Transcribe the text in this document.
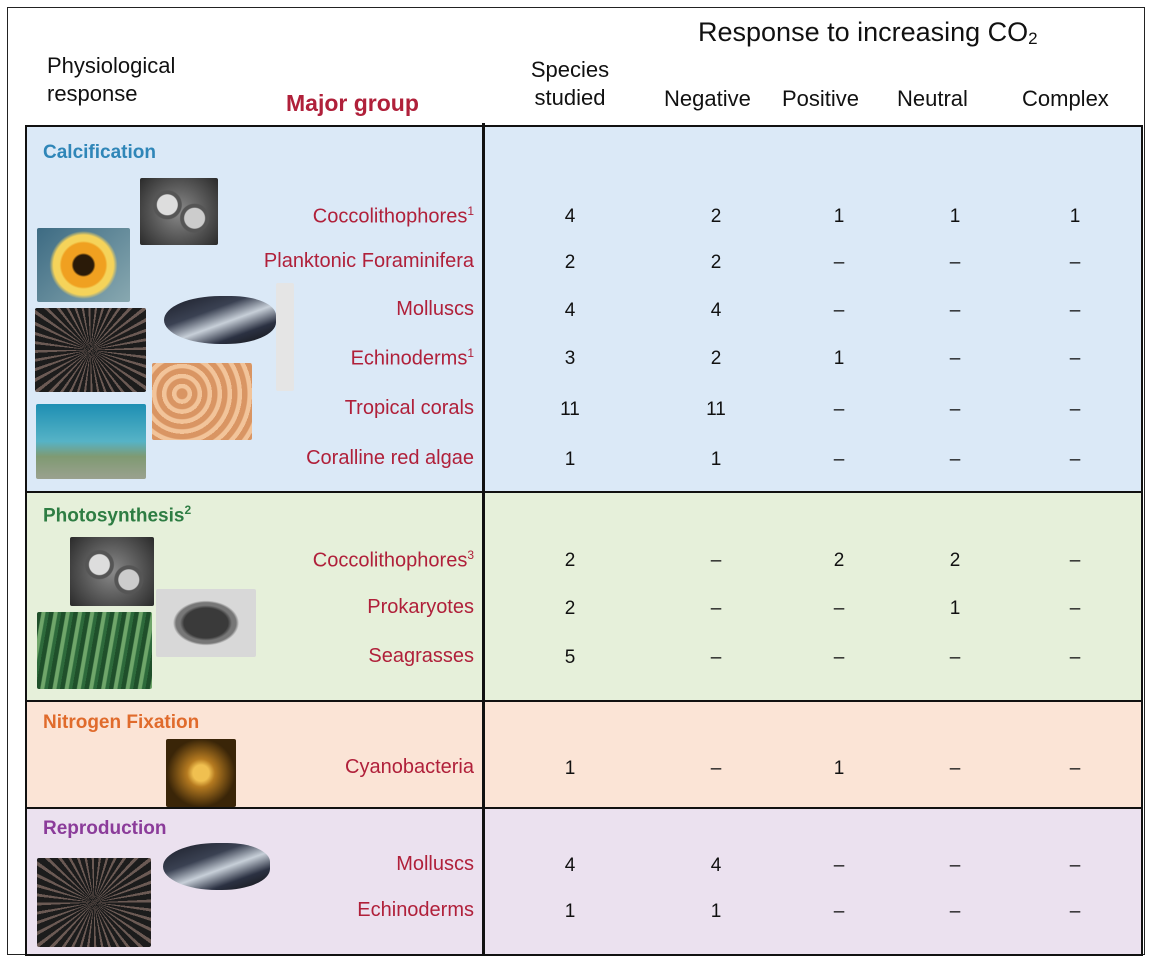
Physiological
response	Major group
Species
studied
Response to increasing $CO_2$
Negative Positive Neutral Complex
Calcification
Photosynthesis$^2$
Nitrogen Fixation
Reproduction
Coccolithophores$^1$	4	2	1	1	1
Planktonic Foraminifera	2	2	–	–	–
Molluscs	4	4	–	–	–
Echinoderms$^1$	3	2	1	–	–
Tropical corals	11	11	–	–	–
Coralline red algae	1	1	–	–	–
Coccolithophores$^3$	2	–	2	2	–
Prokaryotes	2	–	–	1	–
Seagrasses	5	–	–	–	–
Cyanobacteria	1	–	1	–	–
Molluscs	4	4	–	–	–
Echinoderms	1	1	–	–	–
